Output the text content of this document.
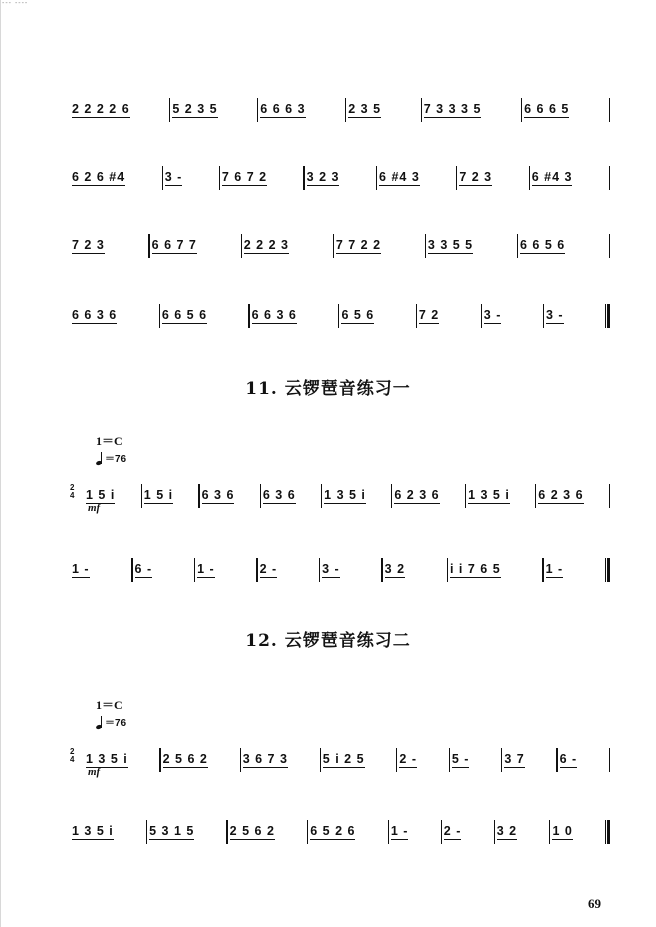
--- ----
2 2 2 2 6	5 2 3 5	6 6 6 3	2 3 5	7 3 3 3 5	6 6 6 5
6 2 6 #4	3 -	7 6 7 2	3 2 3	6 #4 3	7 2 3	6 #4 3
7 2 3	6 6 7 7	2 2 2 3	7 7 2 2	3 3 5 5	6 6 5 6
6 6 3 6	6 6 5 6	6 6 3 6	6 5 6	7 2	3 -	3 -
11. 云锣琶音练习一
1＝C
＝76
2
4
mf
1 5 i 1 5 i 6 3 6 6 3 6 1 3 5 i 6 2 3 6 1 3 5 i 6 2 3 6
1 -	6 -	1 -	2 -	3 -	3 2	i i 7 6 5	1 -
12. 云锣琶音练习二
1＝C
＝76
2
4
mf
1 3 5 i	2 5 6 2	3 6 7 3	5 i 2 5	2 -	5 -	3 7	6 -
1 3 5 i	5 3 1 5	2 5 6 2	6 5 2 6	1 -	2 -	3 2	1 0
69
